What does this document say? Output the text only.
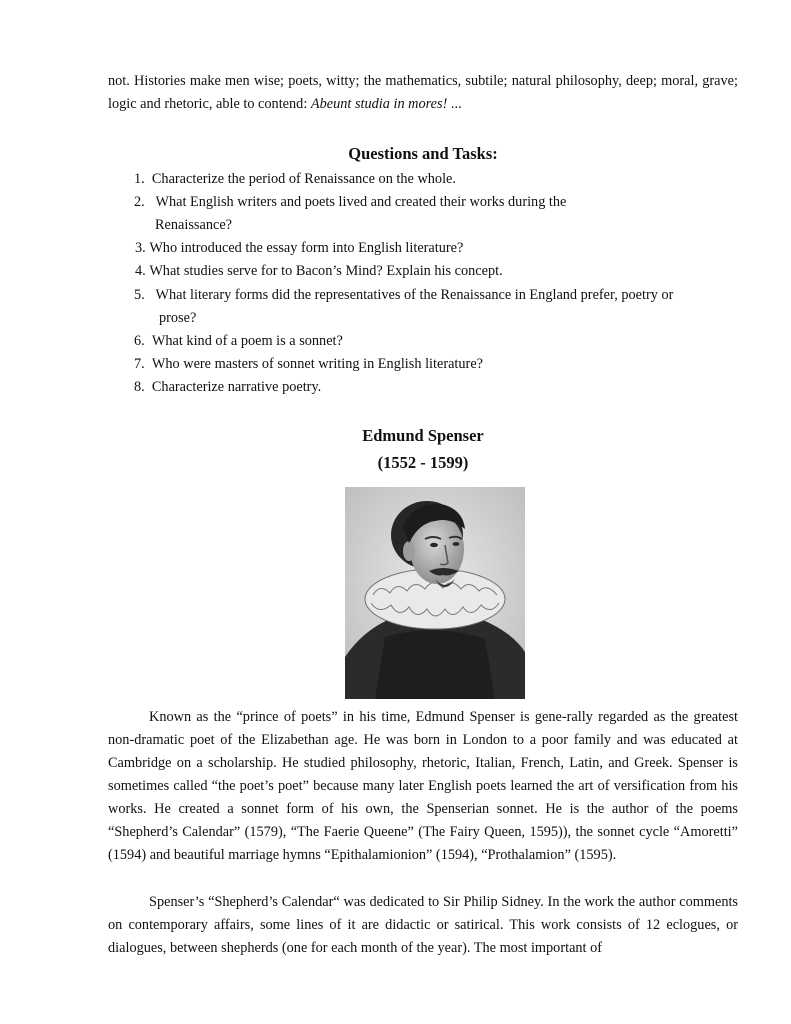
not. Histories make men wise; poets, witty; the mathematics, subtile; natural philosophy, deep; moral, grave; logic and rhetoric, able to contend: Abeunt studia in mores! ...

Questions and Tasks:
1. Characterize the period of Renaissance on the whole.
2. What English writers and poets lived and created their works during the
Renaissance?
3. Who introduced the essay form into English literature?
4. What studies serve for to Bacon’s Mind? Explain his concept.
5. What literary forms did the representatives of the Renaissance in England prefer, poetry or
prose?
6. What kind of a poem is a sonnet?
7. Who were masters of sonnet writing in English literature?
8. Characterize narrative poetry.
Edmund Spenser
(1552 - 1599)

Known as the “prince of poets” in his time, Edmund Spenser is gene-rally regarded as the greatest non-dramatic poet of the Elizabethan age. He was born in London to a poor family and was educated at Cambridge on a scholarship. He studied philosophy, rhetoric, Italian, French, Latin, and Greek. Spenser is sometimes called “the poet’s poet” because many later English poets learned the art of versification from his works. He created a sonnet form of his own, the Spenserian sonnet. He is the author of the poems “Shepherd’s Calendar” (1579), “The Faerie Queene” (The Fairy Queen, 1595)), the sonnet cycle “Amoretti” (1594) and beautiful marriage hymns “Epithalamionion” (1594), “Prothalamion” (1595).

Spenser’s “Shepherd’s Calendar“ was dedicated to Sir Philip Sidney. In the work the author comments on contemporary affairs, some lines of it are didactic or satirical. This work consists of 12 eclogues, or dialogues, between shepherds (one for each month of the year). The most important of
